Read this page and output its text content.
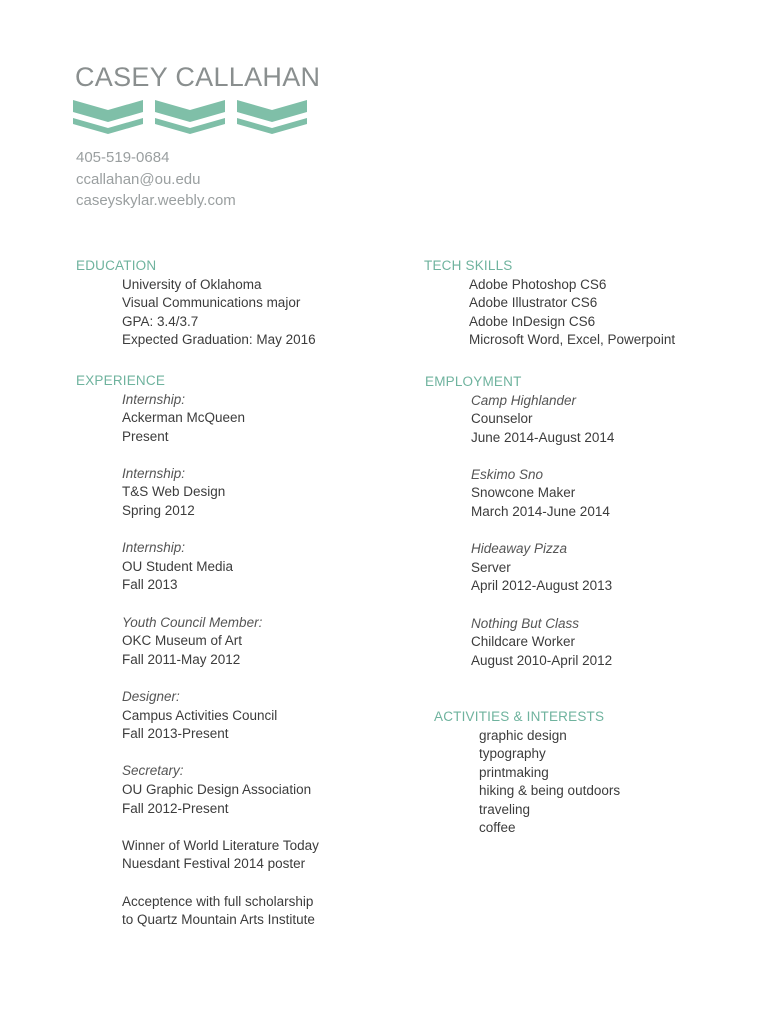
CASEY CALLAHAN
405-519-0684
ccallahan@ou.edu
caseyskylar.weebly.com
EDUCATION
University of Oklahoma
Visual Communications major
GPA: 3.4/3.7
Expected Graduation: May 2016
EXPERIENCE
Internship:
Ackerman McQueen
Present
Internship:
T&S Web Design
Spring 2012
Internship:
OU Student Media
Fall 2013
Youth Council Member:
OKC Museum of Art
Fall 2011-May 2012
Designer:
Campus Activities Council
Fall 2013-Present
Secretary:
OU Graphic Design Association
Fall 2012-Present
Winner of World Literature Today
Nuesdant Festival 2014 poster
Acceptence with full scholarship
to Quartz Mountain Arts Institute
TECH SKILLS
Adobe Photoshop CS6
Adobe Illustrator CS6
Adobe InDesign CS6
Microsoft Word, Excel, Powerpoint
EMPLOYMENT
Camp Highlander
Counselor
June 2014-August 2014
Eskimo Sno
Snowcone Maker
March 2014-June 2014
Hideaway Pizza
Server
April 2012-August 2013
Nothing But Class
Childcare Worker
August 2010-April 2012
ACTIVITIES & INTERESTS
graphic design
typography
printmaking
hiking & being outdoors
traveling
coffee
